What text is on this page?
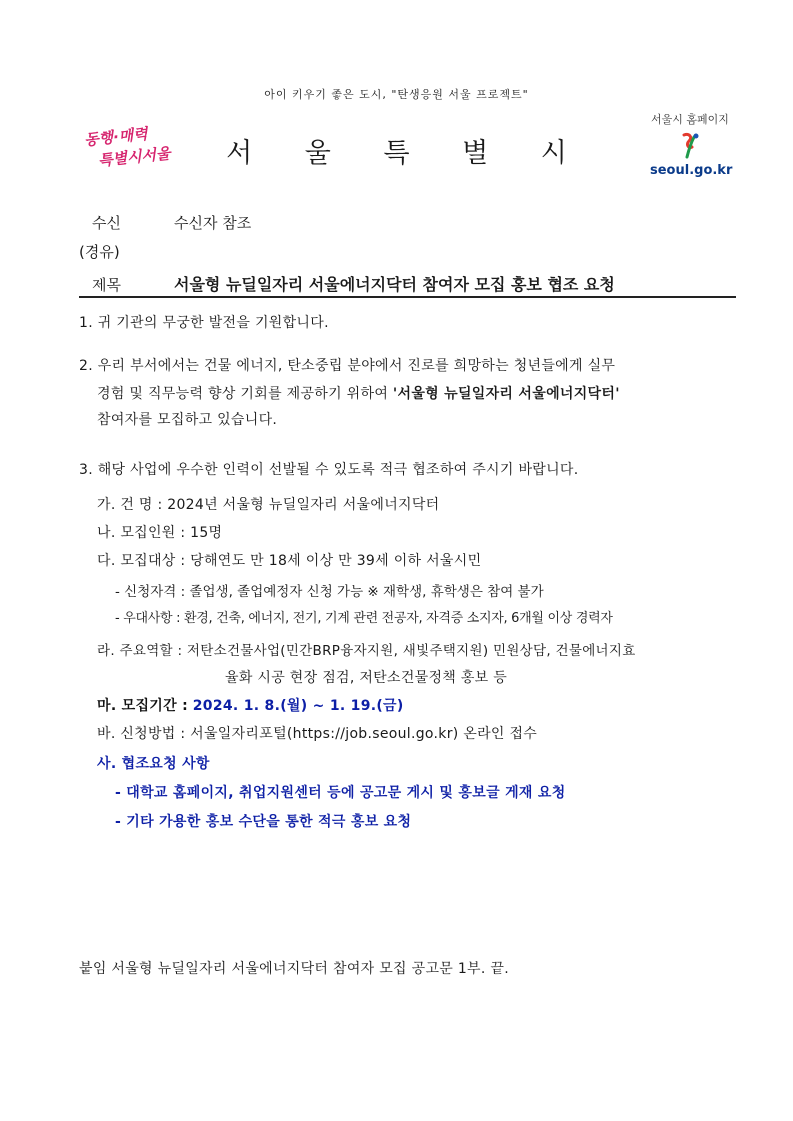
아이 키우기 좋은 도시, "탄생응원 서울 프로젝트"
동행·매력
특별시서울	서 울 특 별 시
서울시 홈페이지
seoul.go.kr
수신	수신자 참조
(경유)
제목	서울형 뉴딜일자리 서울에너지닥터 참여자 모집 홍보 협조 요청
1. 귀 기관의 무궁한 발전을 기원합니다.
2. 우리 부서에서는 건물 에너지, 탄소중립 분야에서 진로를 희망하는 청년들에게 실무
경험 및 직무능력 향상 기회를 제공하기 위하여 '서울형 뉴딜일자리 서울에너지닥터'
참여자를 모집하고 있습니다.
3. 해당 사업에 우수한 인력이 선발될 수 있도록 적극 협조하여 주시기 바랍니다.
가. 건 명 : 2024년 서울형 뉴딜일자리 서울에너지닥터
나. 모집인원 : 15명
다. 모집대상 : 당해연도 만 18세 이상 만 39세 이하 서울시민
- 신청자격 : 졸업생, 졸업예정자 신청 가능 ※ 재학생, 휴학생은 참여 불가
- 우대사항 : 환경, 건축, 에너지, 전기, 기계 관련 전공자, 자격증 소지자, 6개월 이상 경력자
라. 주요역할 : 저탄소건물사업(민간BRP융자지원, 새빛주택지원) 민원상담, 건물에너지효
율화 시공 현장 점검, 저탄소건물정책 홍보 등
마. 모집기간 : 2024. 1. 8.(월) ~ 1. 19.(금)
바. 신청방법 : 서울일자리포털(https://job.seoul.go.kr) 온라인 접수
사. 협조요청 사항
- 대학교 홈페이지, 취업지원센터 등에 공고문 게시 및 홍보글 게재 요청
- 기타 가용한 홍보 수단을 통한 적극 홍보 요청
붙임 서울형 뉴딜일자리 서울에너지닥터 참여자 모집 공고문 1부. 끝.
